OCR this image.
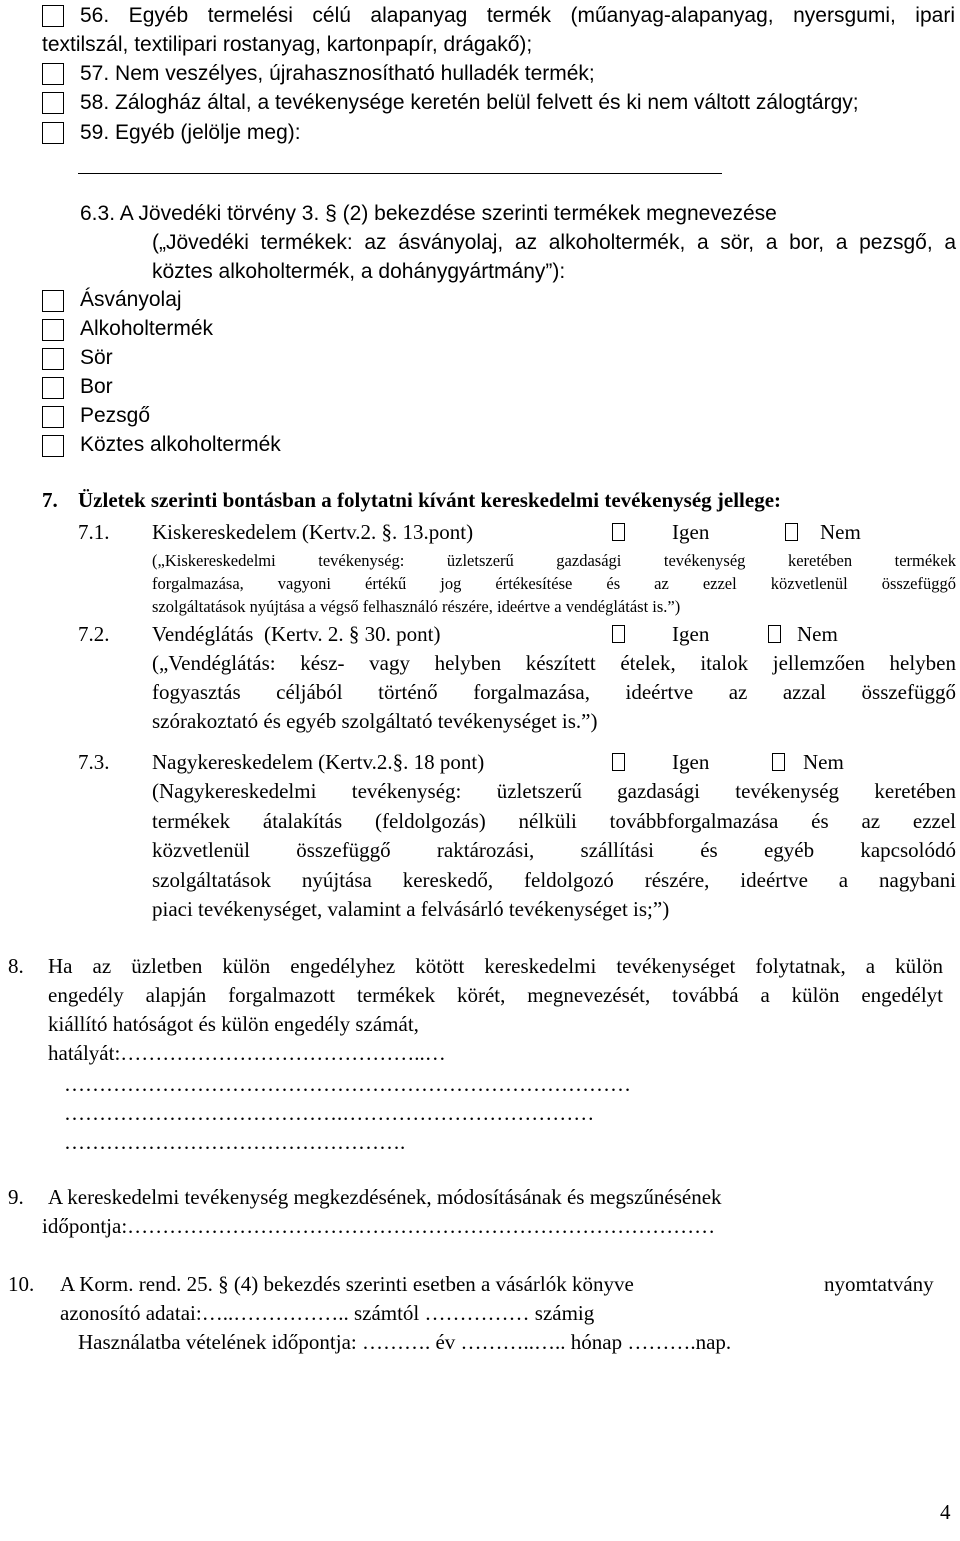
56. Egyéb termelési célú alapanyag termék (műanyag-alapanyag, nyersgumi, ipari
textilszál, textilipari rostanyag, kartonpapír, drágakő);
57. Nem veszélyes, újrahasznosítható hulladék termék;
58. Zálogház által, a tevékenysége keretén belül felvett és ki nem váltott zálogtárgy;
59. Egyéb (jelölje meg):
6.3. A Jövedéki törvény 3. § (2) bekezdése szerinti termékek megnevezése
(„Jövedéki termékek: az ásványolaj, az alkoholtermék, a sör, a bor, a pezsgő, a
köztes alkoholtermék, a dohánygyártmány”):
Ásványolaj
Alkoholtermék
Sör
Bor
Pezsgő
Köztes alkoholtermék
7. Üzletek szerinti bontásban a folytatni kívánt kereskedelmi tevékenység jellege:
7.1. Kiskereskedelem (Kertv.2. §. 13.pont)	Igen	Nem
(„Kiskereskedelmi tevékenység: üzletszerű gazdasági tevékenység keretében termékek
forgalmazása, vagyoni értékű jog értékesítése és az ezzel közvetlenül összefüggő
szolgáltatások nyújtása a végső felhasználó részére, ideértve a vendéglátást is.”)
7.2. Vendéglátás  (Kertv. 2. § 30. pont)	Igen	Nem
(„Vendéglátás: kész- vagy helyben készített ételek, italok jellemzően helyben
fogyasztás céljából történő forgalmazása, ideértve az azzal összefüggő
szórakoztató és egyéb szolgáltató tevékenységet is.”)
7.3. Nagykereskedelem (Kertv.2.§. 18 pont)	Igen	Nem
(Nagykereskedelmi tevékenység: üzletszerű gazdasági tevékenység keretében
termékek átalakítás (feldolgozás) nélküli továbbforgalmazása és az ezzel
közvetlenül összefüggő raktározási, szállítási és egyéb kapcsolódó
szolgáltatások nyújtása kereskedő, feldolgozó részére, ideértve a nagybani
piaci tevékenységet, valamint a felvásárló tevékenységet is;”)
8. Ha az üzletben külön engedélyhez kötött kereskedelmi tevékenységet folytatnak, a külön
engedély alapján forgalmazott termékek körét, megnevezését, továbbá a külön engedélyt
kiállító hatóságot és külön engedély számát,
hatályát:……………………………………..…
………………………………………………………………………
………………………………….………………………………
………………………………………….
9. A kereskedelmi tevékenység megkezdésének, módosításának és megszűnésének
időpontja:…………………………………………………………………………
10. A Korm. rend. 25. § (4) bekezdés szerinti esetben a vásárlók könyve	nyomtatvány
azonosító adatai:…..…………….. számtól …………… számig
Használatba vételének időpontja: ………. év ………..….. hónap ……….nap.
4
